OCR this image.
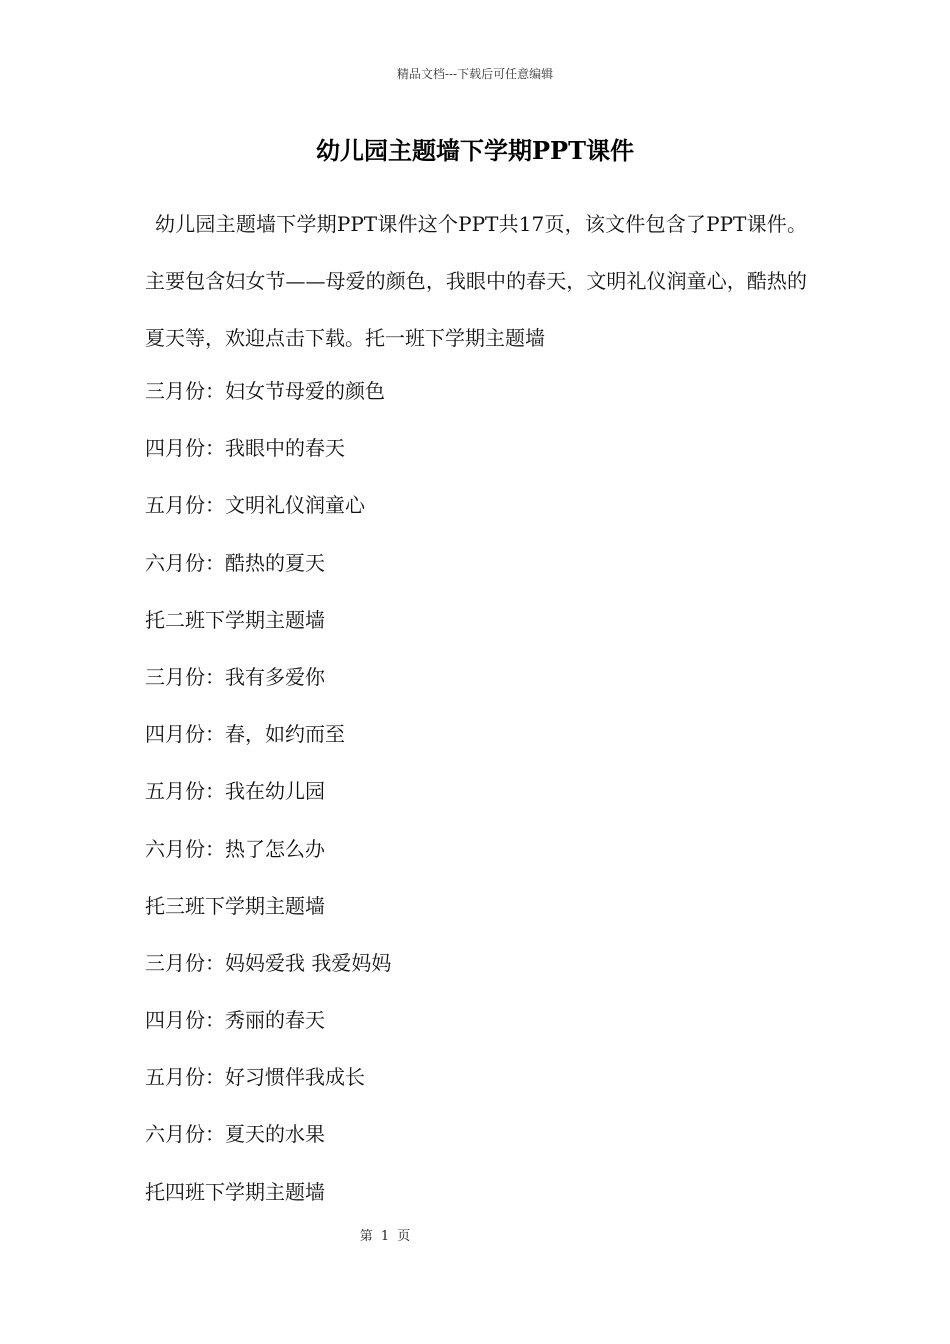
精品文档---下载后可任意编辑
幼儿园主题墙下学期PPT课件
幼儿园主题墙下学期PPT课件这个PPT共17页，该文件包含了PPT课件。主要包含妇女节——母爱的颜色，我眼中的春天，文明礼仪润童心，酷热的夏天等，欢迎点击下载。托一班下学期主题墙
三月份：妇女节母爱的颜色
四月份：我眼中的春天
五月份：文明礼仪润童心
六月份：酷热的夏天
托二班下学期主题墙
三月份：我有多爱你
四月份：春，如约而至
五月份：我在幼儿园
六月份：热了怎么办
托三班下学期主题墙
三月份：妈妈爱我 我爱妈妈
四月份：秀丽的春天
五月份：好习惯伴我成长
六月份：夏天的水果
托四班下学期主题墙
第 1 页
